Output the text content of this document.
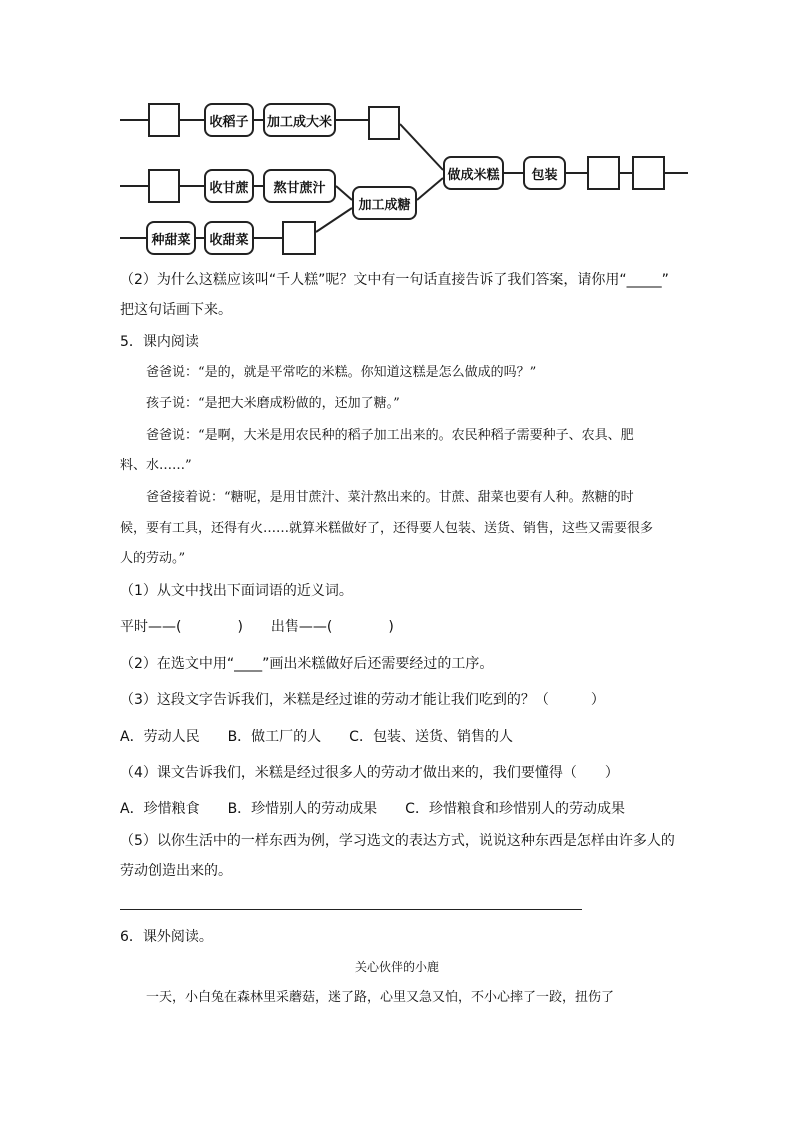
收稻子	加工成大米
收甘蔗	熬甘蔗汁
种甜菜	收甜菜
加工成糖
做成米糕	包装
（2）为什么这糕应该叫“千人糕”呢？文中有一句话直接告诉了我们答案，请你用“_____”
把这句话画下来。
5．课内阅读
爸爸说：“是的，就是平常吃的米糕。你知道这糕是怎么做成的吗？”
孩子说：“是把大米磨成粉做的，还加了糖。”
爸爸说：“是啊，大米是用农民种的稻子加工出来的。农民种稻子需要种子、农具、肥
料、水……”
爸爸接着说：“糖呢，是用甘蔗汁、菜汁熬出来的。甘蔗、甜菜也要有人种。熬糖的时
候，要有工具，还得有火……就算米糕做好了，还得要人包装、送货、销售，这些又需要很多
人的劳动。”
（1）从文中找出下面词语的近义词。
平时——(　　　　)　　出售——(　　　　)
（2）在选文中用“____”画出米糕做好后还需要经过的工序。
（3）这段文字告诉我们，米糕是经过谁的劳动才能让我们吃到的？（　　　）
A．劳动人民　　B．做工厂的人　　C．包装、送货、销售的人
（4）课文告诉我们，米糕是经过很多人的劳动才做出来的，我们要懂得（　　）
A．珍惜粮食　　B．珍惜别人的劳动成果　　C．珍惜粮食和珍惜别人的劳动成果
（5）以你生活中的一样东西为例，学习选文的表达方式，说说这种东西是怎样由许多人的
劳动创造出来的。
6．课外阅读。
关心伙伴的小鹿
一天，小白兔在森林里采蘑菇，迷了路，心里又急又怕，不小心摔了一跤，扭伤了
